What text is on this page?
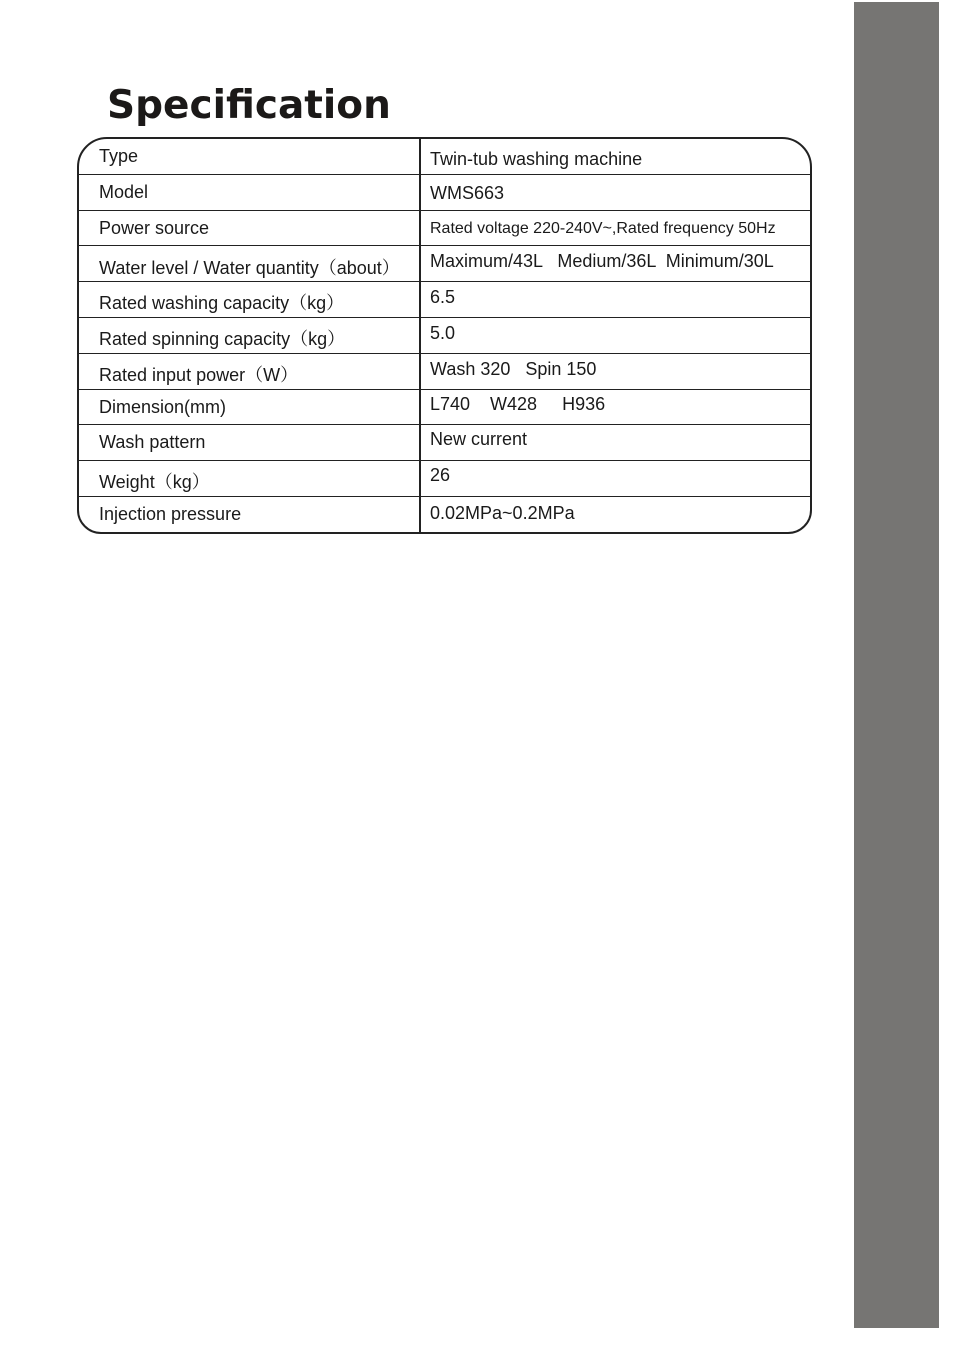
Specification
Type	Twin-tub washing machine
Model	WMS663
Power source	Rated voltage 220-240V~,Rated frequency 50Hz
Water level / Water quantity（about） Maximum/43L   Medium/36L  Minimum/30L
Rated washing capacity（kg）	6.5
Rated spinning capacity（kg）	5.0
Rated input power（W）	Wash 320   Spin 150
Dimension(mm)	L740    W428     H936
Wash pattern	New current
Weight（kg）	26
Injection pressure	0.02MPa~0.2MPa
